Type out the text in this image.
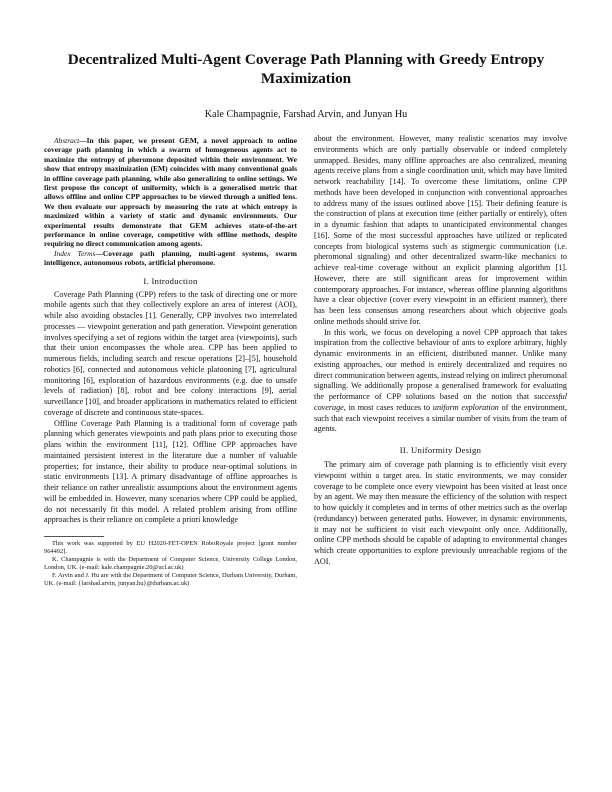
Decentralized Multi-Agent Coverage Path Planning with Greedy Entropy Maximization
Kale Champagnie, Farshad Arvin, and Junyan Hu

Abstract—In this paper, we present GEM, a novel approach to online coverage path planning in which a swarm of homogeneous agents act to maximize the entropy of pheromone deposited within their environment. We show that entropy maximization (EM) coincides with many conventional goals in offline coverage path planning, while also generalizing to online settings. We first propose the concept of uniformity, which is a generalised metric that allows offline and online CPP approaches to be viewed through a unified lens. We then evaluate our approach by measuring the rate at which entropy is maximized within a variety of static and dynamic environments. Our experimental results demonstrate that GEM achieves state-of-the-art performance in online coverage, competitive with offline methods, despite requiring no direct communication among agents.

Index Terms—Coverage path planning, multi-agent systems, swarm intelligence, autonomous robots, artificial pheromone.

I. Introduction

Coverage Path Planning (CPP) refers to the task of directing one or more mobile agents such that they collectively explore an area of interest (AOI), while also avoiding obstacles [1]. Generally, CPP involves two interrelated processes — viewpoint generation and path generation. Viewpoint generation involves specifying a set of regions within the target area (viewpoints), such that their union encompasses the whole area. CPP has been applied to numerous fields, including search and rescue operations [2]–[5], household robotics [6], connected and autonomous vehicle platooning [7], agricultural monitoring [6], exploration of hazardous environments (e.g. due to unsafe levels of radiation) [8], robot and bee colony interactions [9], aerial surveillance [10], and broader applications in mathematics related to efficient coverage of discrete and continuous state-spaces.

Offline Coverage Path Planning is a traditional form of coverage path planning which generates viewpoints and path plans prior to executing those plans within the environment [11], [12]. Offline CPP approaches have maintained persistent interest in the literature due a number of valuable properties; for instance, their ability to produce near-optimal solutions in static environments [13]. A primary disadvantage of offline approaches is their reliance on rather unrealistic assumptions about the environment agents will be embedded in. However, many scenarios where CPP could be applied, do not necessarily fit this model. A related problem arising from offline approaches is their reliance on complete a priori knowledge

This work was supported by EU H2020-FET-OPEN RoboRoyale project [grant number 964492].

K. Champagnie is with the Department of Computer Science, University College London, London, UK. (e-mail: kale.champagnie.20@ucl.ac.uk)

F. Arvin and J. Hu are with the Department of Computer Science, Durham University, Durham, UK. (e-mail: {farshad.arvin, junyan.hu}@durham.ac.uk)

about the environment. However, many realistic scenarios may involve environments which are only partially observable or indeed completely unmapped. Besides, many offline approaches are also centralized, meaning agents receive plans from a single coordination unit, which may have limited network reachability [14]. To overcome these limitations, online CPP methods have been developed in conjunction with conventional approaches to address many of the issues outlined above [15]. Their defining feature is the construction of plans at execution time (either partially or entirely), often in a dynamic fashion that adapts to unanticipated environmental changes [16]. Some of the most successful approaches have utilized or replicated concepts from biological systems such as stigmergic communication (i.e. pheromonal signaling) and other decentralized swarm-like mechanics to achieve real-time coverage without an explicit planning algorithm [1]. However, there are still significant areas for improvement within contemporary approaches. For instance, whereas offline planning algorithms have a clear objective (cover every viewpoint in an efficient manner), there has been less consensus among researchers about which objective goals online methods should strive for.

In this work, we focus on developing a novel CPP approach that takes inspiration from the collective behaviour of ants to explore arbitrary, highly dynamic environments in an efficient, distributed manner. Unlike many existing approaches, our method is entirely decentralized and requires no direct communication between agents, instead relying on indirect pheromonal signalling. We additionally propose a generalised framework for evaluating the performance of CPP solutions based on the notion that successful coverage, in most cases reduces to uniform exploration of the environment, such that each viewpoint receives a similar number of visits from the team of agents.

II. Uniformity Design

The primary aim of coverage path planning is to efficiently visit every viewpoint within a target area. In static environments, we may consider coverage to be complete once every viewpoint has been visited at least once by an agent. We may then measure the efficiency of the solution with respect to how quickly it completes and in terms of other metrics such as the overlap (redundancy) between generated paths. However, in dynamic environments, it may not be sufficient to visit each viewpoint only once. Additionally, online CPP methods should be capable of adapting to environmental changes which create opportunities to explore previously unreachable regions of the AOI.
